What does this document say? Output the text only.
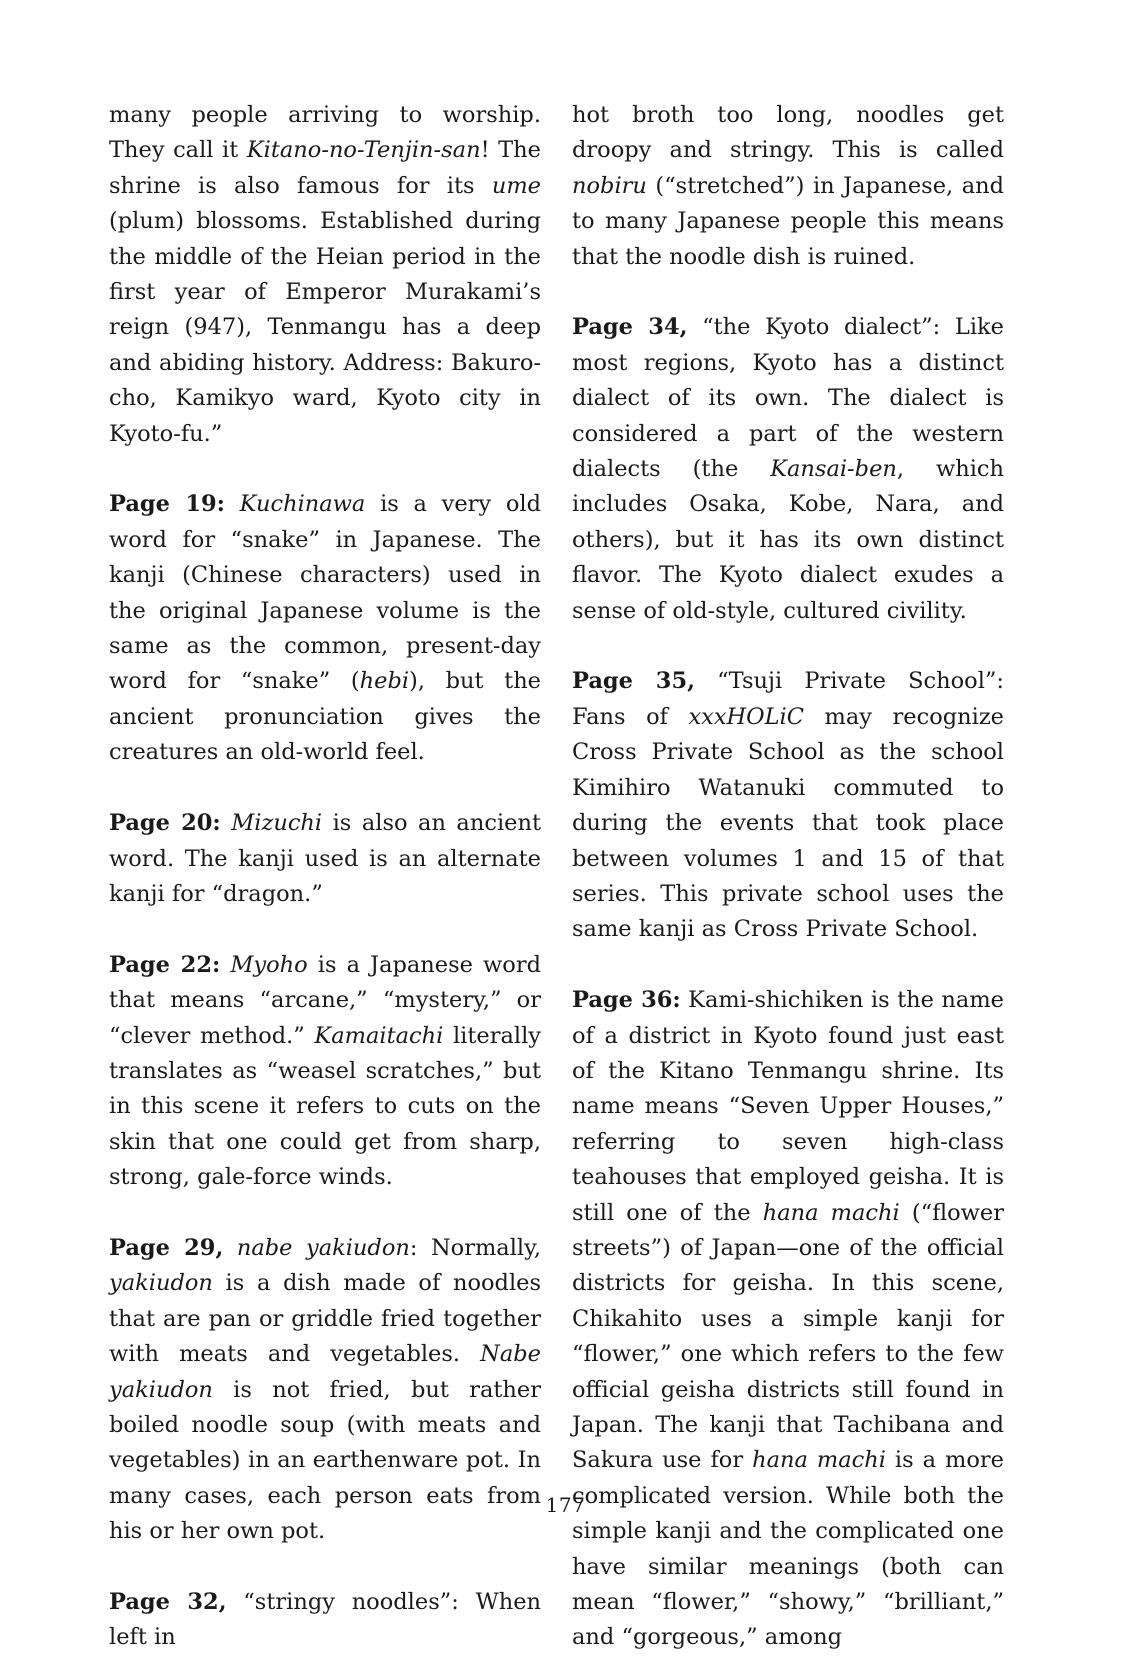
many people arriving to worship. They call it Kitano-no-Tenjin-san! The shrine is also famous for its ume (plum) blossoms. Established during the middle of the Heian period in the first year of Emperor Murakami’s reign (947), Tenmangu has a deep and abiding history. Address: Bakuro-cho, Kamikyo ward, Kyoto city in Kyoto-fu.”

Page 19: Kuchinawa is a very old word for “snake” in Japanese. The kanji (Chinese characters) used in the original Japanese volume is the same as the common, present-day word for “snake” (hebi), but the ancient pronunciation gives the creatures an old-world feel.

Page 20: Mizuchi is also an ancient word. The kanji used is an alternate kanji for “dragon.”

Page 22: Myoho is a Japanese word that means “arcane,” “mystery,” or “clever method.” Kamaitachi literally translates as “weasel scratches,” but in this scene it refers to cuts on the skin that one could get from sharp, strong, gale-force winds.

Page 29, nabe yakiudon: Normally, yakiudon is a dish made of noodles that are pan or griddle fried together with meats and vegetables. Nabe yakiudon is not fried, but rather boiled noodle soup (with meats and vegetables) in an earthenware pot. In many cases, each person eats from his or her own pot.

Page 32, “stringy noodles”: When left in

hot broth too long, noodles get droopy and stringy. This is called nobiru (“stretched”) in Japanese, and to many Japanese people this means that the noodle dish is ruined.

Page 34, “the Kyoto dialect”: Like most regions, Kyoto has a distinct dialect of its own. The dialect is considered a part of the western dialects (the Kansai-ben, which includes Osaka, Kobe, Nara, and others), but it has its own distinct flavor. The Kyoto dialect exudes a sense of old-style, cultured civility.

Page 35, “Tsuji Private School”: Fans of xxxHOLiC may recognize Cross Private School as the school Kimihiro Watanuki commuted to during the events that took place between volumes 1 and 15 of that series. This private school uses the same kanji as Cross Private School.

Page 36: Kami-shichiken is the name of a district in Kyoto found just east of the Kitano Tenmangu shrine. Its name means “Seven Upper Houses,” referring to seven high-class teahouses that employed geisha. It is still one of the hana machi (“flower streets”) of Japan—one of the official districts for geisha. In this scene, Chikahito uses a simple kanji for “flower,” one which refers to the few official geisha districts still found in Japan. The kanji that Tachibana and Sakura use for hana machi is a more complicated version. While both the simple kanji and the complicated one have similar meanings (both can mean “flower,” “showy,” “brilliant,” and “gorgeous,” among

177
